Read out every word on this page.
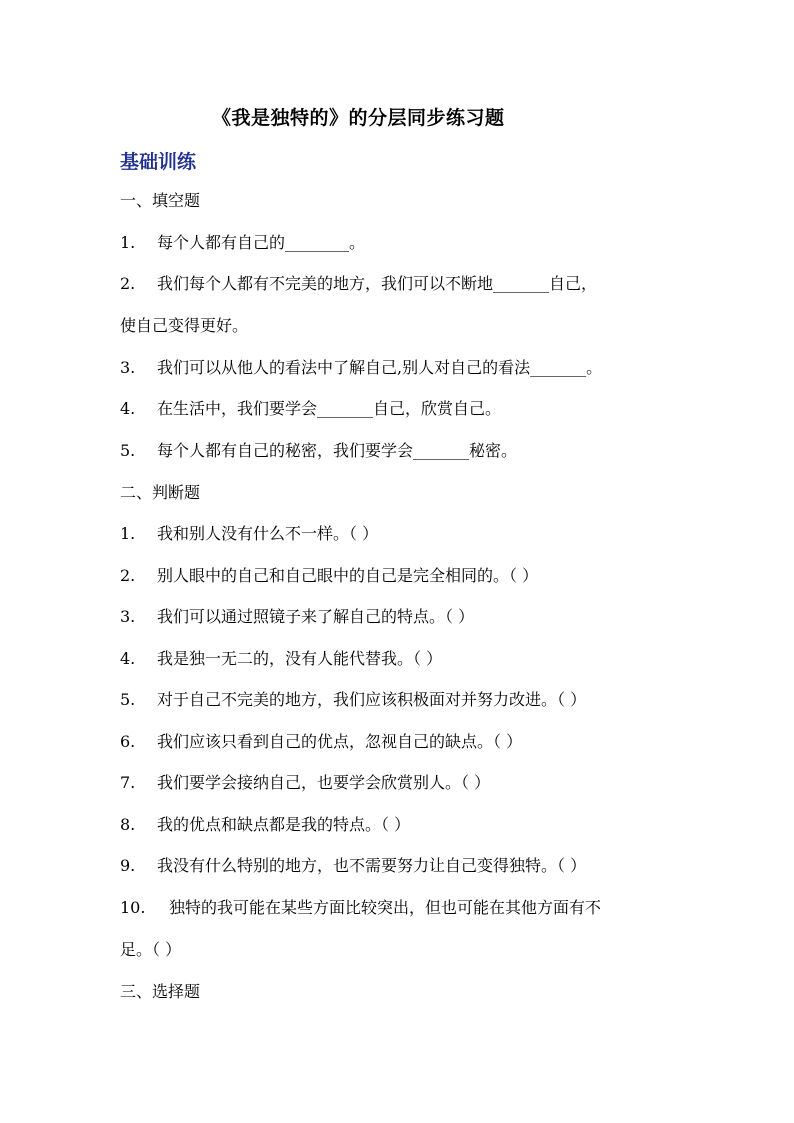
《我是独特的》的分层同步练习题
基础训练
一、填空题
1. 每个人都有自己的________。
2. 我们每个人都有不完美的地方，我们可以不断地_______自己，
使自己变得更好。
3. 我们可以从他人的看法中了解自己,别人对自己的看法_______。
4. 在生活中，我们要学会_______自己，欣赏自己。
5. 每个人都有自己的秘密，我们要学会_______秘密。
二、判断题
1. 我和别人没有什么不一样。（ ）
2. 别人眼中的自己和自己眼中的自己是完全相同的。（ ）
3. 我们可以通过照镜子来了解自己的特点。（ ）
4. 我是独一无二的，没有人能代替我。（ ）
5. 对于自己不完美的地方，我们应该积极面对并努力改进。（ ）
6. 我们应该只看到自己的优点，忽视自己的缺点。（ ）
7. 我们要学会接纳自己，也要学会欣赏别人。（ ）
8. 我的优点和缺点都是我的特点。（ ）
9. 我没有什么特别的地方，也不需要努力让自己变得独特。（ ）
10. 独特的我可能在某些方面比较突出，但也可能在其他方面有不
足。（ ）
三、选择题
